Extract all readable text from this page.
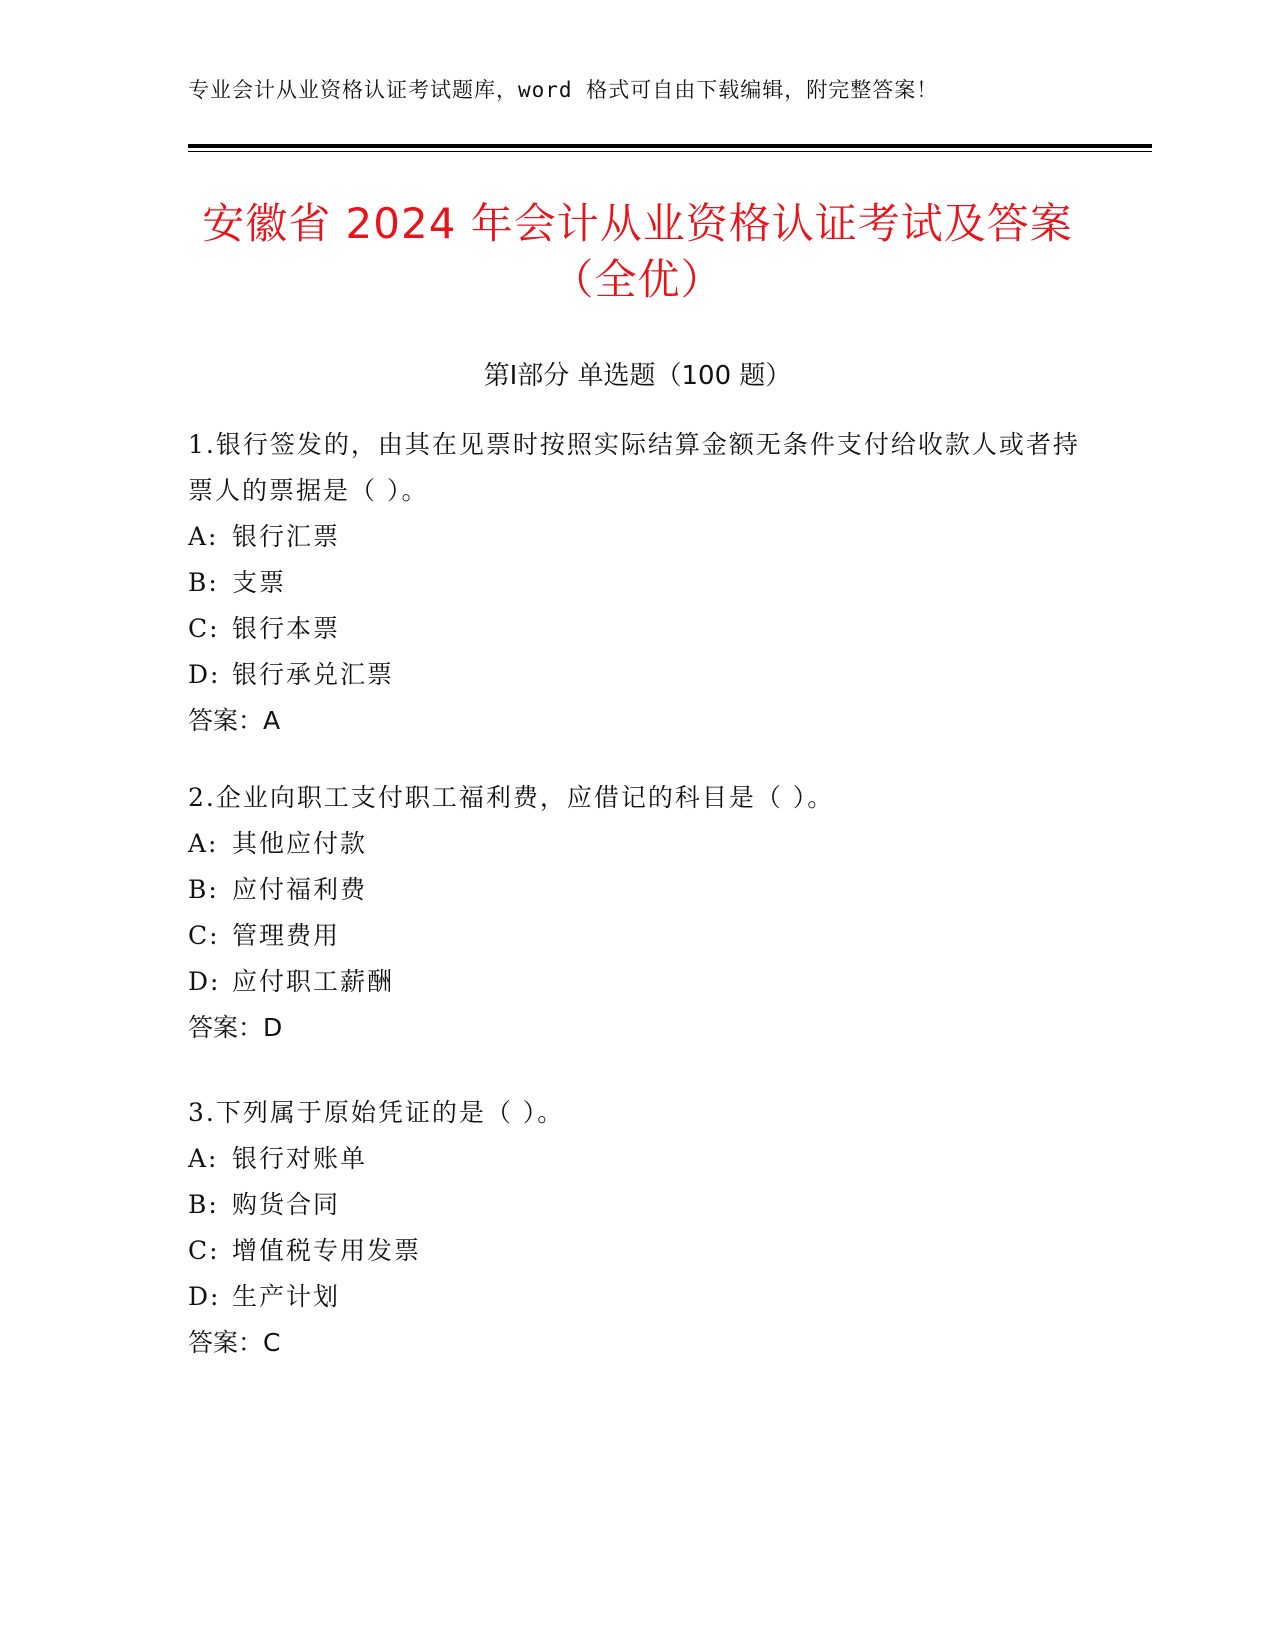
专业会计从业资格认证考试题库，word 格式可自由下载编辑，附完整答案！
安徽省 2024 年会计从业资格认证考试及答案
（全优）
第Ⅰ部分 单选题（100 题）

1.银行签发的，由其在见票时按照实际结算金额无条件支付给收款人或者持票人的票据是（ ）。

A: 银行汇票

B: 支票

C: 银行本票

D: 银行承兑汇票

答案：A

2.企业向职工支付职工福利费，应借记的科目是（ ）。

A: 其他应付款

B: 应付福利费

C: 管理费用

D: 应付职工薪酬

答案：D

3.下列属于原始凭证的是（ ）。

A: 银行对账单

B: 购货合同

C: 增值税专用发票

D: 生产计划

答案：C
